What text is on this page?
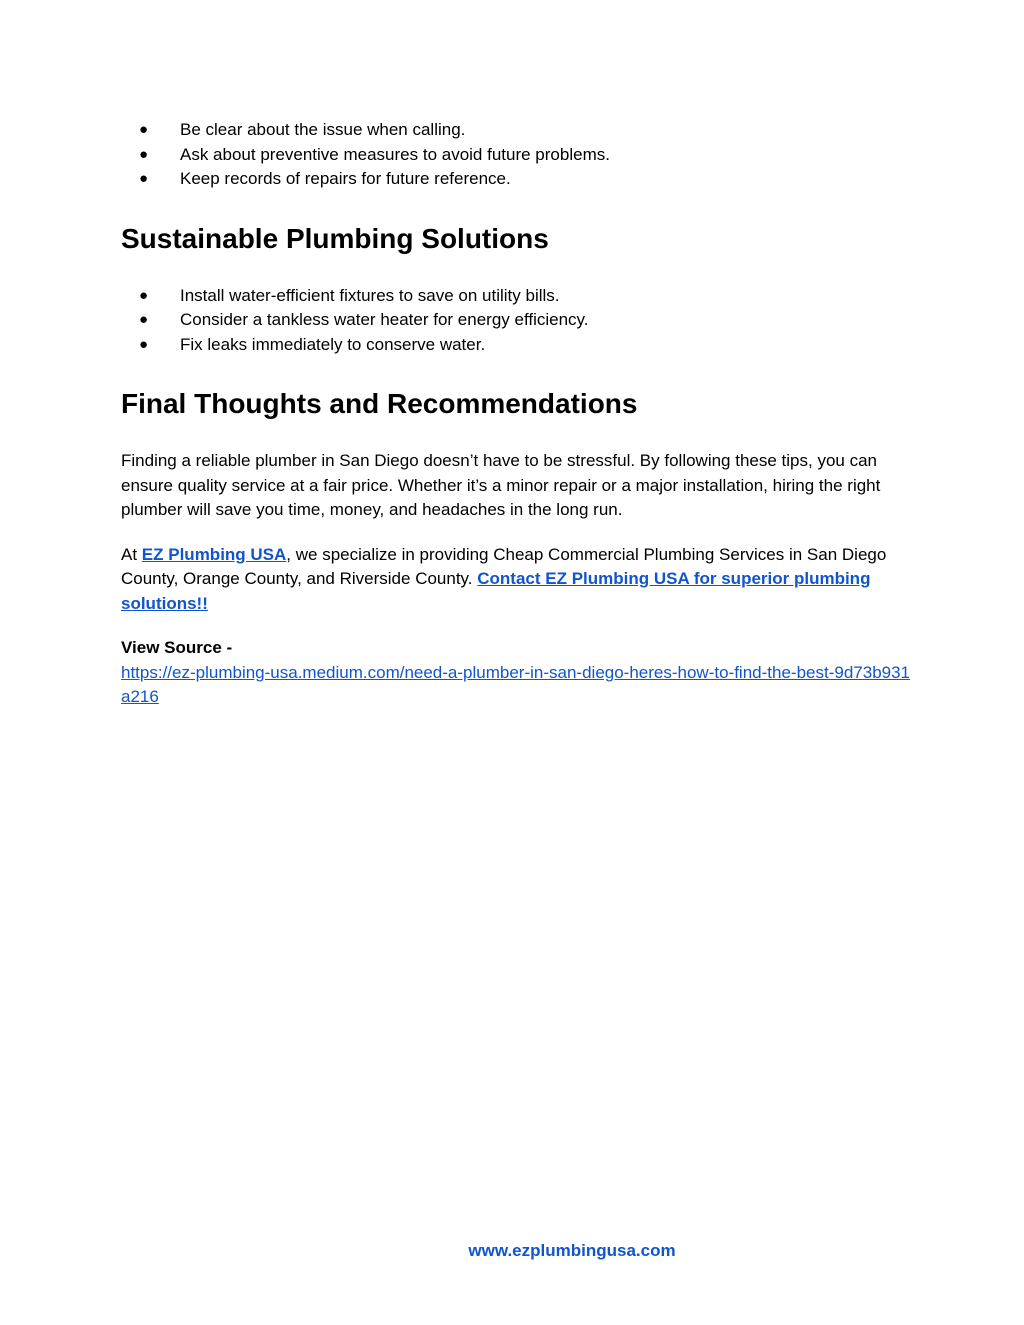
● Be clear about the issue when calling.
● Ask about preventive measures to avoid future problems.
● Keep records of repairs for future reference.
Sustainable Plumbing Solutions
● Install water-efficient fixtures to save on utility bills.
● Consider a tankless water heater for energy efficiency.
● Fix leaks immediately to conserve water.
Final Thoughts and Recommendations

Finding a reliable plumber in San Diego doesn’t have to be stressful. By following these tips, you can ensure quality service at a fair price. Whether it’s a minor repair or a major installation, hiring the right plumber will save you time, money, and headaches in the long run.

At EZ Plumbing USA, we specialize in providing Cheap Commercial Plumbing Services in San Diego County, Orange County, and Riverside County. Contact EZ Plumbing USA for superior plumbing solutions!!

View Source -
https://ez-plumbing-usa.medium.com/need-a-plumber-in-san-diego-heres-how-to-find-the-best-9d73b931a216

www.ezplumbingusa.com
